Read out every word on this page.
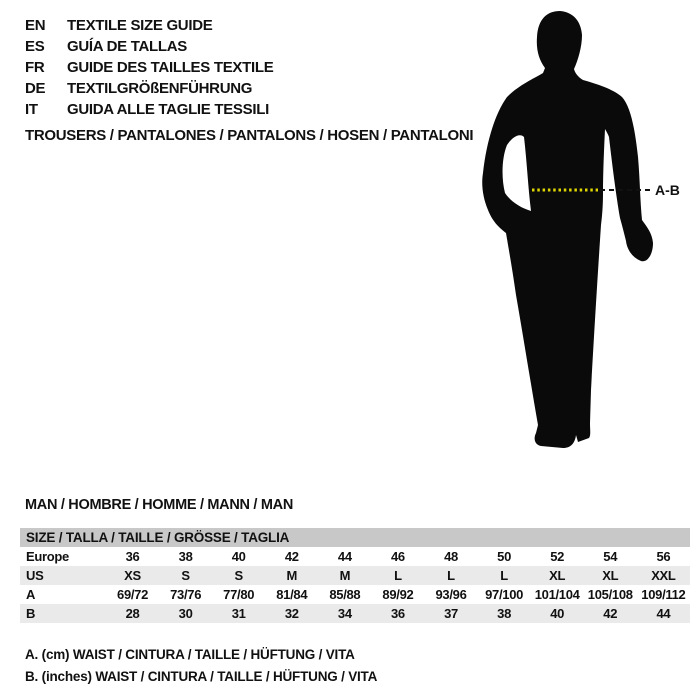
EN TEXTILE SIZE GUIDE
ES GUÍA DE TALLAS
FR GUIDE DES TAILLES TEXTILE
DE TEXTILGRÖßENFÜHRUNG
IT GUIDA ALLE TAGLIE TESSILI
TROUSERS / PANTALONES / PANTALONS / HOSEN / PANTALONI
A-B
MAN / HOMBRE / HOMME / MANN / MAN
SIZE / TALLA / TAILLE / GRÖSSE / TAGLIA
Europe	36	38	40	42	44	46	48	50	52	54	56
US	XS	S	S	M	M	L	L	L	XL	XL	XXL
A	69/72	73/76	77/80	81/84	85/88	89/92	93/96	97/100	101/104	105/108	109/112
B	28	30	31	32	34	36	37	38	40	42	44
A. (cm) WAIST / CINTURA / TAILLE / HÜFTUNG / VITA
B. (inches) WAIST / CINTURA / TAILLE / HÜFTUNG / VITA
